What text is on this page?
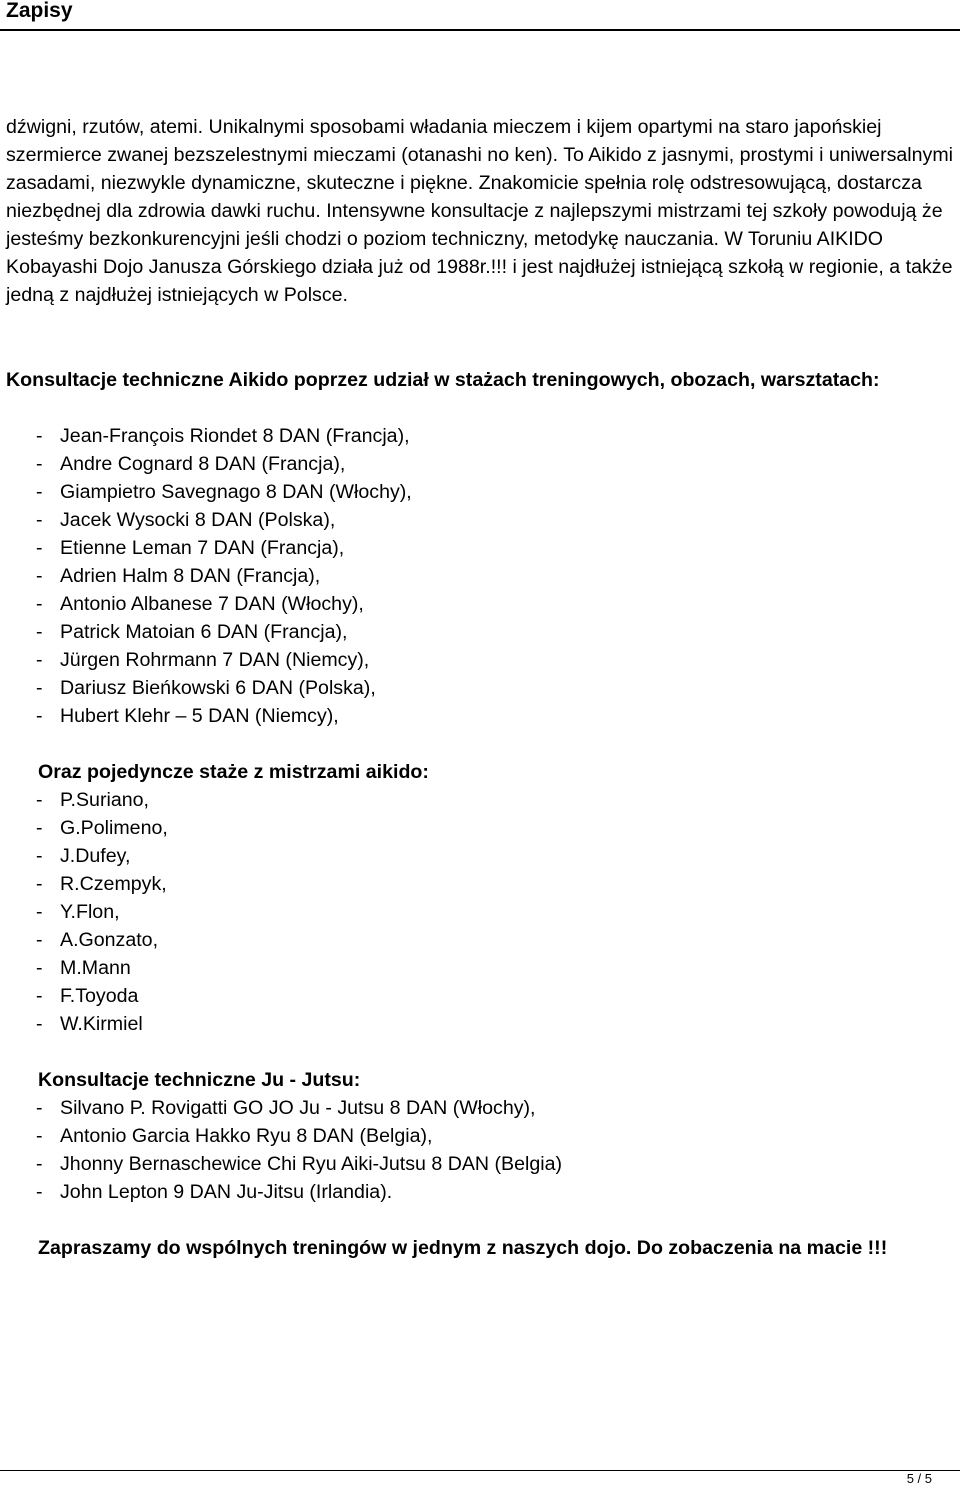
Zapisy

dźwigni, rzutów, atemi. Unikalnymi sposobami władania mieczem i kijem opartymi na staro japońskiej szermierce zwanej bezszelestnymi mieczami (otanashi no ken). To Aikido z jasnymi, prostymi i uniwersalnymi zasadami, niezwykle dynamiczne, skuteczne i piękne. Znakomicie spełnia rolę odstresowującą, dostarcza niezbędnej dla zdrowia dawki ruchu. Intensywne konsultacje z najlepszymi mistrzami tej szkoły powodują że jesteśmy bezkonkurencyjni jeśli chodzi o poziom techniczny, metodykę nauczania. W Toruniu AIKIDO Kobayashi Dojo Janusza Górskiego działa już od 1988r.!!! i jest najdłużej istniejącą szkołą w regionie, a także jedną z najdłużej istniejących w Polsce.

Konsultacje techniczne Aikido poprzez udział w stażach treningowych, obozach, warsztatach:

- Jean-François Riondet 8 DAN (Francja),
- Andre Cognard 8 DAN (Francja),
- Giampietro Savegnago 8 DAN (Włochy),
- Jacek Wysocki 8 DAN (Polska),
- Etienne Leman 7 DAN (Francja),
- Adrien Halm 8 DAN (Francja),
- Antonio Albanese 7 DAN (Włochy),
- Patrick Matoian 6 DAN (Francja),
- Jürgen Rohrmann 7 DAN (Niemcy),
- Dariusz Bieńkowski 6 DAN (Polska),
- Hubert Klehr – 5 DAN (Niemcy),

Oraz pojedyncze staże z mistrzami aikido:

- P.Suriano,
- G.Polimeno,
- J.Dufey,
- R.Czempyk,
- Y.Flon,
- A.Gonzato,
- M.Mann
- F.Toyoda
- W.Kirmiel

Konsultacje techniczne Ju - Jutsu:

- Silvano P. Rovigatti GO JO Ju - Jutsu 8 DAN (Włochy),
- Antonio Garcia Hakko Ryu 8 DAN (Belgia),
- Jhonny Bernaschewice Chi Ryu Aiki-Jutsu 8 DAN (Belgia)
- John Lepton 9 DAN Ju-Jitsu (Irlandia).

Zapraszamy do wspólnych treningów w jednym z naszych dojo. Do zobaczenia na macie !!!

5 / 5
